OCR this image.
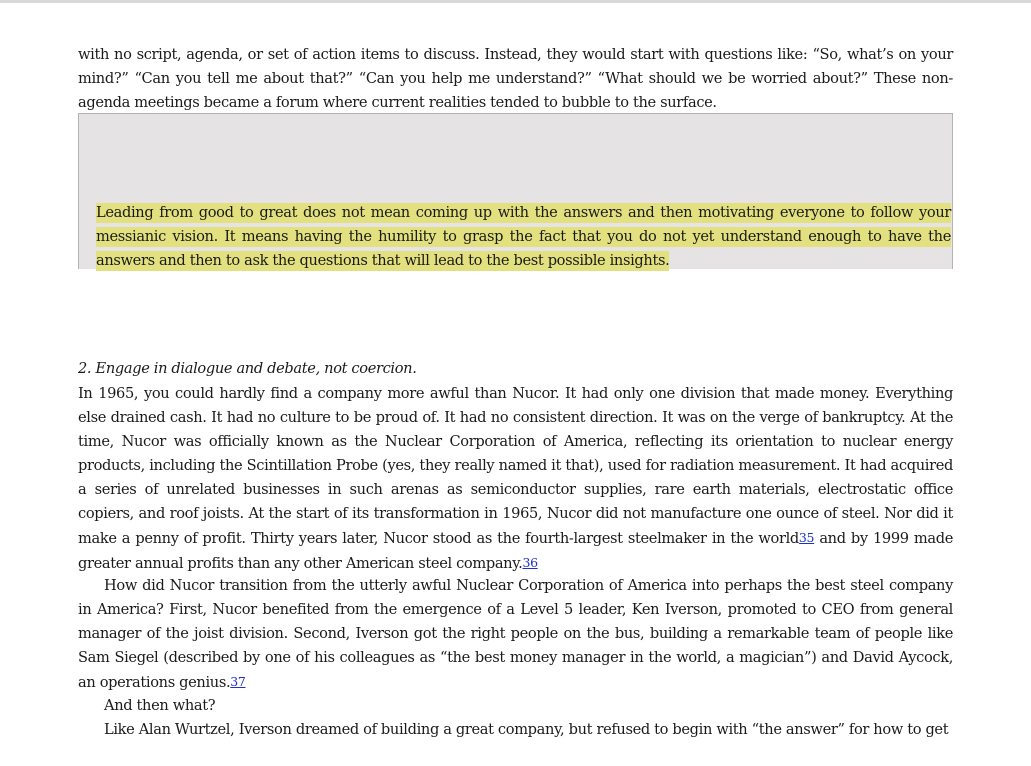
with no script, agenda, or set of action items to discuss. Instead, they would start with questions like: “So, what’s on your mind?” “Can you tell me about that?” “Can you help me understand?” “What should we be worried about?” These non-agenda meetings became a forum where current realities tended to bubble to the surface.

Leading from good to great does not mean coming up with the answers and then motivating everyone to follow your messianic vision. It means having the humility to grasp the fact that you do not yet understand enough to have the answers and then to ask the questions that will lead to the best possible insights.
2. Engage in dialogue and debate, not coercion.

In 1965, you could hardly find a company more awful than Nucor. It had only one division that made money. Everything else drained cash. It had no culture to be proud of. It had no consistent direction. It was on the verge of bankruptcy. At the time, Nucor was officially known as the Nuclear Corporation of America, reflecting its orientation to nuclear energy products, including the Scintillation Probe (yes, they really named it that), used for radiation measurement. It had acquired a series of unrelated businesses in such arenas as semiconductor supplies, rare earth materials, electrostatic office copiers, and roof joists. At the start of its transformation in 1965, Nucor did not manufacture one ounce of steel. Nor did it make a penny of profit. Thirty years later, Nucor stood as the fourth-largest steelmaker in the world35 and by 1999 made greater annual profits than any other American steel company.36

How did Nucor transition from the utterly awful Nuclear Corporation of America into perhaps the best steel company in America? First, Nucor benefited from the emergence of a Level 5 leader, Ken Iverson, promoted to CEO from general manager of the joist division. Second, Iverson got the right people on the bus, building a remarkable team of people like Sam Siegel (described by one of his colleagues as “the best money manager in the world, a magician”) and David Aycock, an operations genius.37

And then what?

Like Alan Wurtzel, Iverson dreamed of building a great company, but refused to begin with “the answer” for how to get
